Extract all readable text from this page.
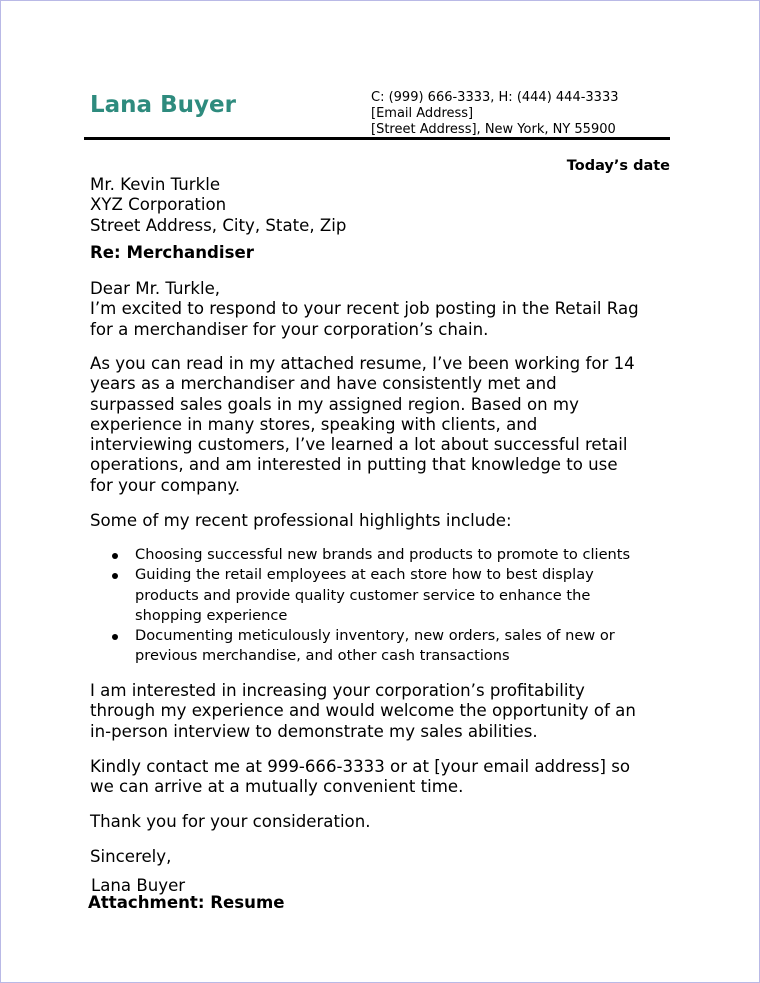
Lana Buyer	C: (999) 666-3333, H: (444) 444-3333
[Email Address]
[Street Address], New York, NY 55900
Today’s date
Mr. Kevin Turkle
XYZ Corporation
Street Address, City, State, Zip
Re: Merchandiser
Dear Mr. Turkle,
I’m excited to respond to your recent job posting in the Retail Rag
for a merchandiser for your corporation’s chain.
As you can read in my attached resume, I’ve been working for 14
years as a merchandiser and have consistently met and
surpassed sales goals in my assigned region. Based on my
experience in many stores, speaking with clients, and
interviewing customers, I’ve learned a lot about successful retail
operations, and am interested in putting that knowledge to use
for your company.
Some of my recent professional highlights include:
Choosing successful new brands and products to promote to clients
Guiding the retail employees at each store how to best display
products and provide quality customer service to enhance the
shopping experience
Documenting meticulously inventory, new orders, sales of new or
previous merchandise, and other cash transactions
I am interested in increasing your corporation’s profitability
through my experience and would welcome the opportunity of an
in-person interview to demonstrate my sales abilities.
Kindly contact me at 999-666-3333 or at [your email address] so
we can arrive at a mutually convenient time.
Thank you for your consideration.
Sincerely,
Lana Buyer
Attachment: Resume
